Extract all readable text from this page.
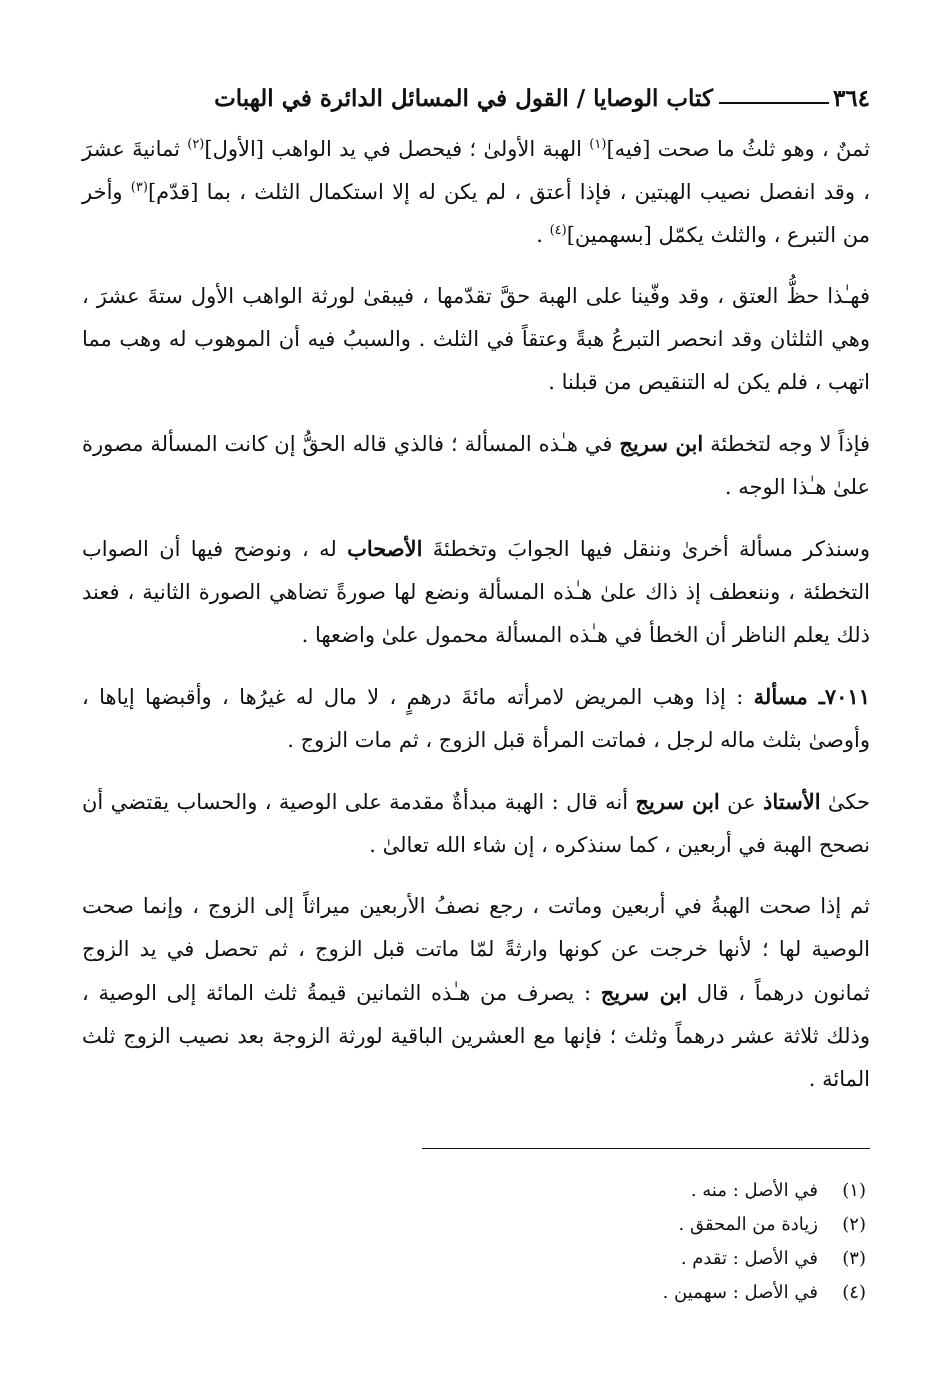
٣٦٤
كتاب الوصايا / القول في المسائل الدائرة في الهبات

ثمنٌ ، وهو ثلثُ ما صحت [فيه]$^{(١)}$ الهبة الأولىٰ ؛ فيحصل في يد الواهب [الأول]$^{(٢)}$ ثمانيةَ عشرَ ، وقد انفصل نصيب الهبتين ، فإذا أعتق ، لم يكن له إلا استكمال الثلث ، بما [قدّم]$^{(٣)}$ وأخر من التبرع ، والثلث يكمّل [بسهمين]$^{(٤)}$ .

فهـٰذا حظُّ العتق ، وقد وفّينا على الهبة حقَّ تقدّمها ، فيبقىٰ لورثة الواهب الأول ستةَ عشرَ ، وهي الثلثان وقد انحصر التبرعُ هبةً وعتقاً في الثلث . والسببُ فيه أن الموهوب له وهب مما اتهب ، فلم يكن له التنقيص من قبلنا .

فإذاً لا وجه لتخطئة ابن سريج في هـٰذه المسألة ؛ فالذي قاله الحقُّ إن كانت المسألة مصورة علىٰ هـٰذا الوجه .

وسنذكر مسألة أخرىٰ وننقل فيها الجوابَ وتخطئةَ الأصحاب له ، ونوضح فيها أن الصواب التخطئة ، وننعطف إذ ذاك علىٰ هـٰذه المسألة ونضع لها صورةً تضاهي الصورة الثانية ، فعند ذلك يعلم الناظر أن الخطأ في هـٰذه المسألة محمول علىٰ واضعها .

٧٠١١ـ مسألة : إذا وهب المريض لامرأته مائةَ درهمٍ ، لا مال له غيرُها ، وأقبضها إياها ، وأوصىٰ بثلث ماله لرجل ، فماتت المرأة قبل الزوج ، ثم مات الزوج .

حكىٰ الأستاذ عن ابن سريج أنه قال : الهبة مبدأةٌ مقدمة على الوصية ، والحساب يقتضي أن نصحح الهبة في أربعين ، كما سنذكره ، إن شاء الله تعالىٰ .

ثم إذا صحت الهبةُ في أربعين وماتت ، رجع نصفُ الأربعين ميراثاً إلى الزوج ، وإنما صحت الوصية لها ؛ لأنها خرجت عن كونها وارثةً لمّا ماتت قبل الزوج ، ثم تحصل في يد الزوج ثمانون درهماً ، قال ابن سريج : يصرف من هـٰذه الثمانين قيمةُ ثلث المائة إلى الوصية ، وذلك ثلاثة عشر درهماً وثلث ؛ فإنها مع العشرين الباقية لورثة الزوجة بعد نصيب الزوج ثلث المائة .

(١)
في الأصل : منه .
(٢)
زيادة من المحقق .
(٣)
في الأصل : تقدم .
(٤)
في الأصل : سهمين .
